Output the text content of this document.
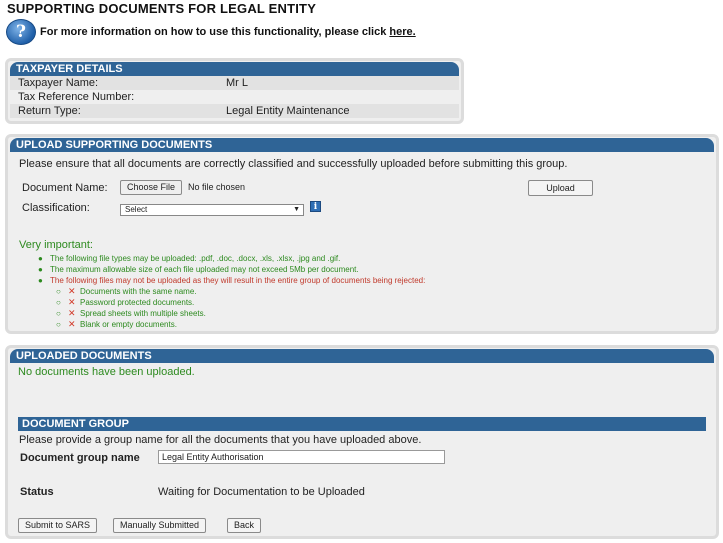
SUPPORTING DOCUMENTS FOR LEGAL ENTITY
?	For more information on how to use this functionality, please click here.
TAXPAYER DETAILS
Taxpayer Name:	Mr L
Tax Reference Number:
Return Type:	Legal Entity Maintenance
UPLOAD SUPPORTING DOCUMENTS
Please ensure that all documents are correctly classified and successfully uploaded before submitting this group.
Document Name:	Choose File	No file chosen	Upload
Classification:	Select	▼	i
Very important:
● The following file types may be uploaded: .pdf, .doc, .docx, .xls, .xlsx, .jpg and .gif.
● The maximum allowable size of each file uploaded may not exceed 5Mb per document.
● The following files may not be uploaded as they will result in the entire group of documents being rejected:
○ ✕ Documents with the same name.
○ ✕ Password protected documents.
○ ✕ Spread sheets with multiple sheets.
○ ✕ Blank or empty documents.
UPLOADED DOCUMENTS
No documents have been uploaded.
DOCUMENT GROUP
Please provide a group name for all the documents that you have uploaded above.
Document group name	Legal Entity Authorisation
Status	Waiting for Documentation to be Uploaded
Submit to SARS	Manually Submitted	Back
